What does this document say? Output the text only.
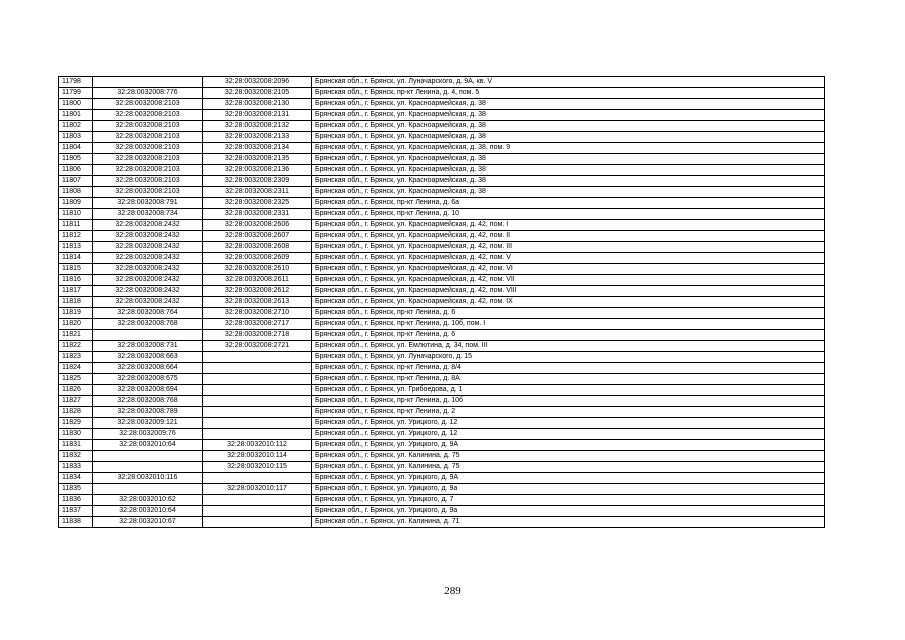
11798		32:28:0032008:2096	Брянская обл., г. Брянск, ул. Луначарского, д. 9А, кв. V
11799	32:28:0032008:776	32:28:0032008:2105	Брянская обл., г. Брянск, пр-кт Ленина, д. 4, пом. 5
11800	32:28:0032008:2103	32:28:0032008:2130	Брянская обл., г. Брянск, ул. Красноармейская, д. 38
11801	32:28:0032008:2103	32:28:0032008:2131	Брянская обл., г. Брянск, ул. Красноармейская, д. 38
11802	32:28:0032008:2103	32:28:0032008:2132	Брянская обл., г. Брянск, ул. Красноармейская, д. 38
11803	32:28:0032008:2103	32:28:0032008:2133	Брянская обл., г. Брянск, ул. Красноармейская, д. 38
11804	32:28:0032008:2103	32:28:0032008:2134	Брянская обл., г. Брянск, ул. Красноармейская, д. 38, пом. 9
11805	32:28:0032008:2103	32:28:0032008:2135	Брянская обл., г. Брянск, ул. Красноармейская, д. 38
11806	32:28:0032008:2103	32:28:0032008:2136	Брянская обл., г. Брянск, ул. Красноармейская, д. 38
11807	32:28:0032008:2103	32:28:0032008:2309	Брянская обл., г. Брянск, ул. Красноармейская, д. 38
11808	32:28:0032008:2103	32:28:0032008:2311	Брянская обл., г. Брянск, ул. Красноармейская, д. 38
11809	32:28:0032008:791	32:28:0032008:2325	Брянская обл., г. Брянск, пр-кт Ленина, д. 6а
11810	32:28:0032008:734	32:28:0032008:2331	Брянская обл., г. Брянск, пр-кт Ленина, д. 10
11811	32:28:0032008:2432	32:28:0032008:2606	Брянская обл., г. Брянск, ул. Красноармейская, д. 42, пом. I
11812	32:28:0032008:2432	32:28:0032008:2607	Брянская обл., г. Брянск, ул. Красноармейская, д. 42, пом. II
11813	32:28:0032008:2432	32:28:0032008:2608	Брянская обл., г. Брянск, ул. Красноармейская, д. 42, пом. III
11814	32:28:0032008:2432	32:28:0032008:2609	Брянская обл., г. Брянск, ул. Красноармейская, д. 42, пом. V
11815	32:28:0032008:2432	32:28:0032008:2610	Брянская обл., г. Брянск, ул. Красноармейская, д. 42, пом. VI
11816	32:28:0032008:2432	32:28:0032008:2611	Брянская обл., г. Брянск, ул. Красноармейская, д. 42, пом. VII
11817	32:28:0032008:2432	32:28:0032008:2612	Брянская обл., г. Брянск, ул. Красноармейская, д. 42, пом. VIII
11818	32:28:0032008:2432	32:28:0032008:2613	Брянская обл., г. Брянск, ул. Красноармейская, д. 42, пом. IX
11819	32:28:0032008:764	32:28:0032008:2710	Брянская обл., г. Брянск, пр-кт Ленина, д. 6
11820	32:28:0032008:768	32:28:0032008:2717	Брянская обл., г. Брянск, пр-кт Ленина, д. 10б, пом. I
11821		32:28:0032008:2718	Брянская обл., г. Брянск, пр-кт Ленина, д. 6
11822	32:28:0032008:731	32:28:0032008:2721	Брянская обл., г. Брянск, ул. Емлютина, д. 34, пом. III
11823	32:28:0032008:663		Брянская обл., г. Брянск, ул. Луначарского, д. 15
11824	32:28:0032008:664		Брянская обл., г. Брянск, пр-кт Ленина, д. 8/4
11825	32:28:0032008:675		Брянская обл., г. Брянск, пр-кт Ленина, д. 8А
11826	32:28:0032008:694		Брянская обл., г. Брянск, ул. Грибоедова, д. 1
11827	32:28:0032008:768		Брянская обл., г. Брянск, пр-кт Ленина, д. 10б
11828	32:28:0032008:789		Брянская обл., г. Брянск, пр-кт Ленина, д. 2
11829	32:28:0032009:121		Брянская обл., г. Брянск, ул. Урицкого, д. 12
11830	32:28:0032009:76		Брянская обл., г. Брянск, ул. Урицкого, д. 12
11831	32:28:0032010:64	32:28:0032010:112	Брянская обл., г. Брянск, ул. Урицкого, д. 9А
11832		32:28:0032010:114	Брянская обл., г. Брянск, ул. Калинина, д. 75
11833		32:28:0032010:115	Брянская обл., г. Брянск, ул. Калинина, д. 75
11834	32:28:0032010:116		Брянская обл., г. Брянск, ул. Урицкого, д. 9А
11835		32:28:0032010:117	Брянская обл., г. Брянск, ул. Урицкого, д. 9а
11836	32:28:0032010:62		Брянская обл., г. Брянск, ул. Урицкого, д. 7
11837	32:28:0032010:64		Брянская обл., г. Брянск, ул. Урицкого, д. 9а
11838	32:28:0032010:67		Брянская обл., г. Брянск, ул. Калинина, д. 71
289
